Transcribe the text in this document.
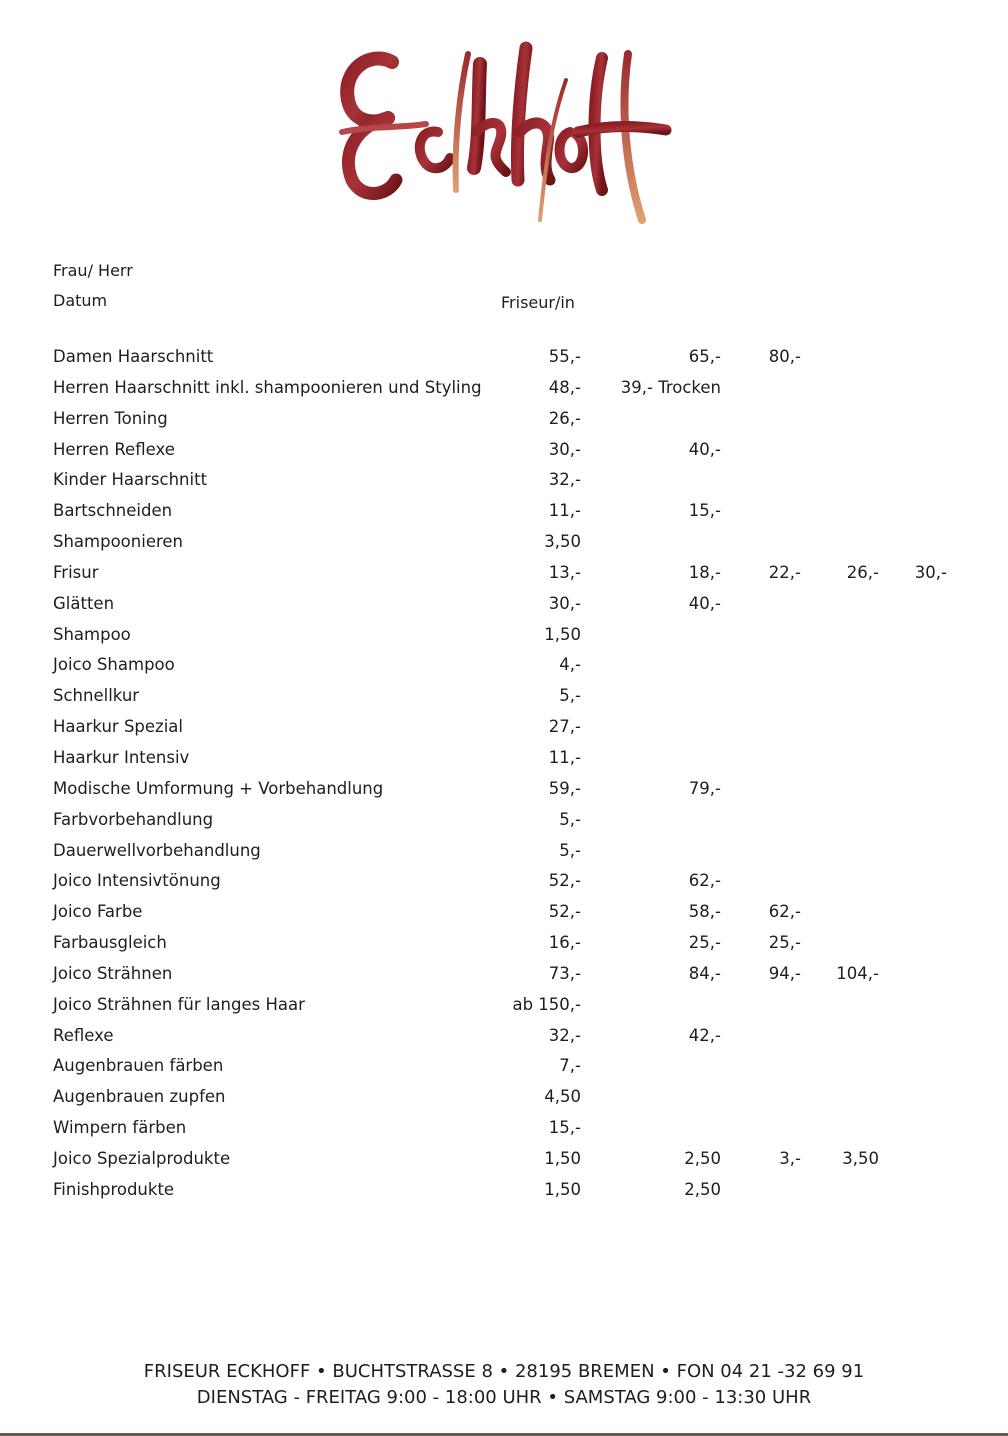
Frau/ Herr
Datum	Friseur/in
Damen Haarschnitt	55,-	65,-	80,-
Herren Haarschnitt inkl. shampoonieren und Styling	48,- 39,- Trocken
Herren Toning	26,-
Herren Reflexe	30,-	40,-
Kinder Haarschnitt	32,-
Bartschneiden	11,-	15,-
Shampoonieren	3,50
Frisur	13,-	18,-	22,-	26,- 30,-
Glätten	30,-	40,-
Shampoo	1,50
Joico Shampoo	4,-
Schnellkur	5,-
Haarkur Spezial	27,-
Haarkur Intensiv	11,-
Modische Umformung + Vorbehandlung	59,-	79,-
Farbvorbehandlung	5,-
Dauerwellvorbehandlung	5,-
Joico Intensivtönung	52,-	62,-
Joico Farbe	52,-	58,-	62,-
Farbausgleich	16,-	25,-	25,-
Joico Strähnen	73,-	84,-	94,- 104,-
Joico Strähnen für langes Haar	ab 150,-
Reflexe	32,-	42,-
Augenbrauen färben	7,-
Augenbrauen zupfen	4,50
Wimpern färben	15,-
Joico Spezialprodukte	1,50	2,50	3,-	3,50
Finishprodukte	1,50	2,50
FRISEUR ECKHOFF • BUCHTSTRASSE 8 • 28195 BREMEN • FON 04 21 -32 69 91
DIENSTAG - FREITAG 9:00 - 18:00 UHR • SAMSTAG 9:00 - 13:30 UHR
